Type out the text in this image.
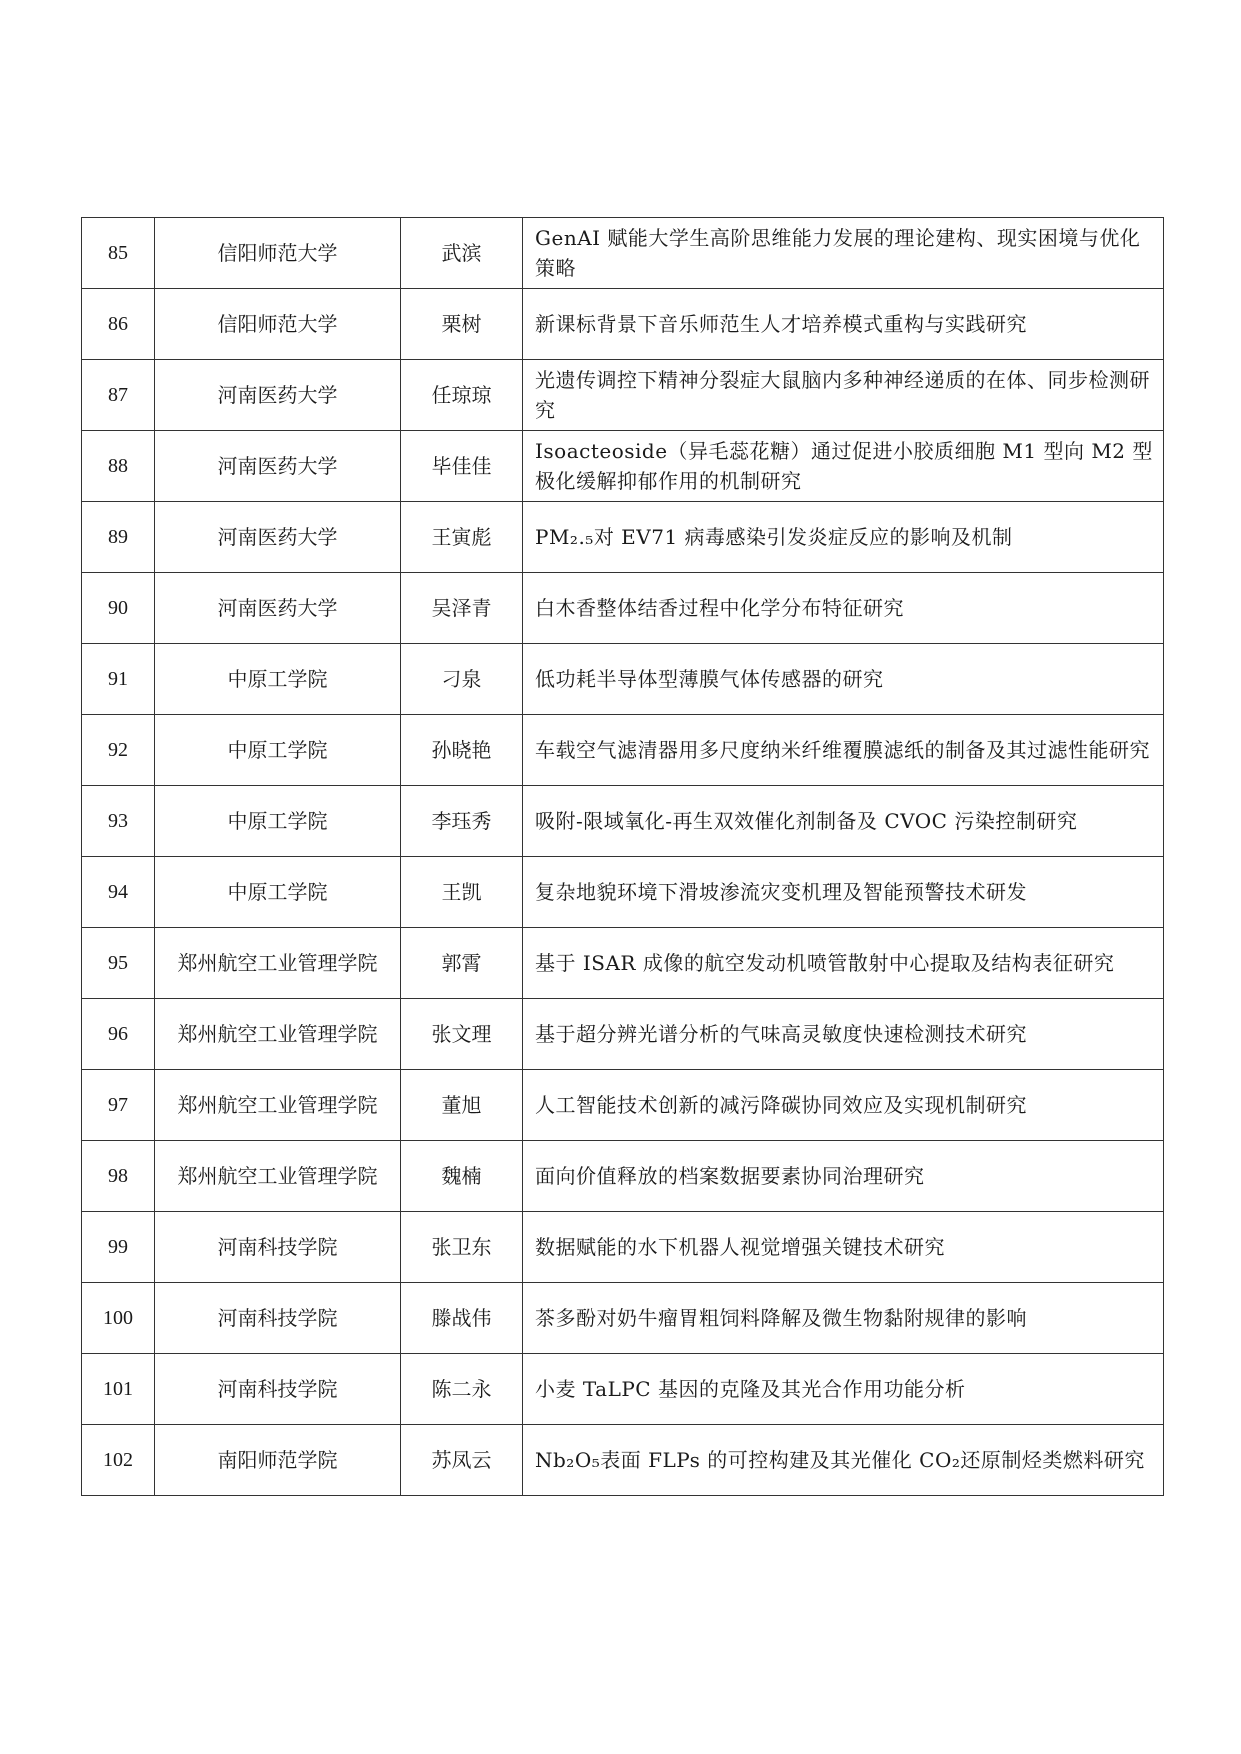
85	信阳师范大学	武滨	GenAI 赋能大学生高阶思维能力发展的理论建构、现实困境与优化策略

86	信阳师范大学	栗树	新课标背景下音乐师范生人才培养模式重构与实践研究

87	河南医药大学	任琼琼	光遗传调控下精神分裂症大鼠脑内多种神经递质的在体、同步检测研究

88	河南医药大学	毕佳佳	Isoacteoside（异毛蕊花糖）通过促进小胶质细胞 M1 型向 M2 型极化缓解抑郁作用的机制研究

89	河南医药大学	王寅彪	PM₂.₅对 EV71 病毒感染引发炎症反应的影响及机制

90	河南医药大学	吴泽青	白木香整体结香过程中化学分布特征研究

91	中原工学院	刁泉	低功耗半导体型薄膜气体传感器的研究

92	中原工学院	孙晓艳	车载空气滤清器用多尺度纳米纤维覆膜滤纸的制备及其过滤性能研究

93	中原工学院	李珏秀	吸附-限域氧化-再生双效催化剂制备及 CVOC 污染控制研究

94	中原工学院	王凯	复杂地貌环境下滑坡渗流灾变机理及智能预警技术研发

95	郑州航空工业管理学院	郭霄	基于 ISAR 成像的航空发动机喷管散射中心提取及结构表征研究

96	郑州航空工业管理学院	张文理	基于超分辨光谱分析的气味高灵敏度快速检测技术研究

97	郑州航空工业管理学院	董旭	人工智能技术创新的减污降碳协同效应及实现机制研究

98	郑州航空工业管理学院	魏楠	面向价值释放的档案数据要素协同治理研究

99	河南科技学院	张卫东	数据赋能的水下机器人视觉增强关键技术研究

100	河南科技学院	滕战伟	茶多酚对奶牛瘤胃粗饲料降解及微生物黏附规律的影响

101	河南科技学院	陈二永	小麦 TaLPC 基因的克隆及其光合作用功能分析

102	南阳师范学院	苏凤云	Nb₂O₅表面 FLPs 的可控构建及其光催化 CO₂还原制烃类燃料研究
